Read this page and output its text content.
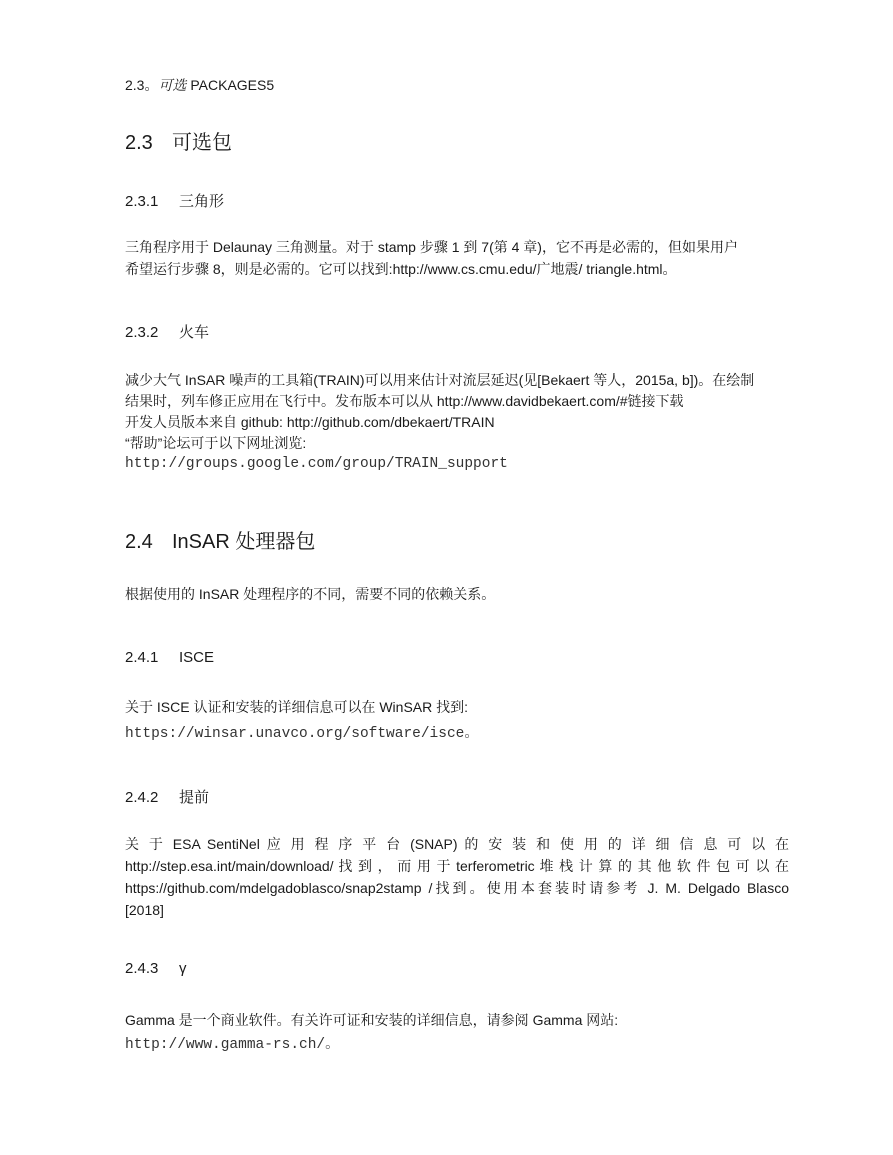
2.3。可选 PACKAGES5
2.3 可选包
2.3.1 三角形
三角程序用于 Delaunay 三角测量。对于 stamp 步骤 1 到 7(第 4 章)，它不再是必需的，但如果用户
希望运行步骤 8，则是必需的。它可以找到:http://www.cs.cmu.edu/广地震/ triangle.html。
2.3.2 火车
减少大气 InSAR 噪声的工具箱(TRAIN)可以用来估计对流层延迟(见[Bekaert 等人，2015a, b])。在绘制
结果时，列车修正应用在飞行中。发布版本可以从 http://www.davidbekaert.com/#链接下载
开发人员版本来自 github: http://github.com/dbekaert/TRAIN
“帮助”论坛可于以下网址浏览:
http://groups.google.com/group/TRAIN_support
2.4 InSAR 处理器包
根据使用的 InSAR 处理程序的不同，需要不同的依赖关系。
2.4.1 ISCE
关于 ISCE 认证和安装的详细信息可以在 WinSAR 找到:
https://winsar.unavco.org/software/isce。
2.4.2 提前
关 于 ESA SentiNel 应 用 程 序 平 台 (SNAP) 的 安 装 和 使 用 的 详 细 信 息 可 以 在
http://step.esa.int/main/download/ 找 到 ， 而 用 于 terferometric 堆 栈 计 算 的 其 他 软 件 包 可 以 在
https://github.com/mdelgadoblasco/snap2stamp /找到。使用本套装时请参考 J. M. Delgado Blasco
[2018]
2.4.3 γ
Gamma 是一个商业软件。有关许可证和安装的详细信息，请参阅 Gamma 网站:
http://www.gamma-rs.ch/。
